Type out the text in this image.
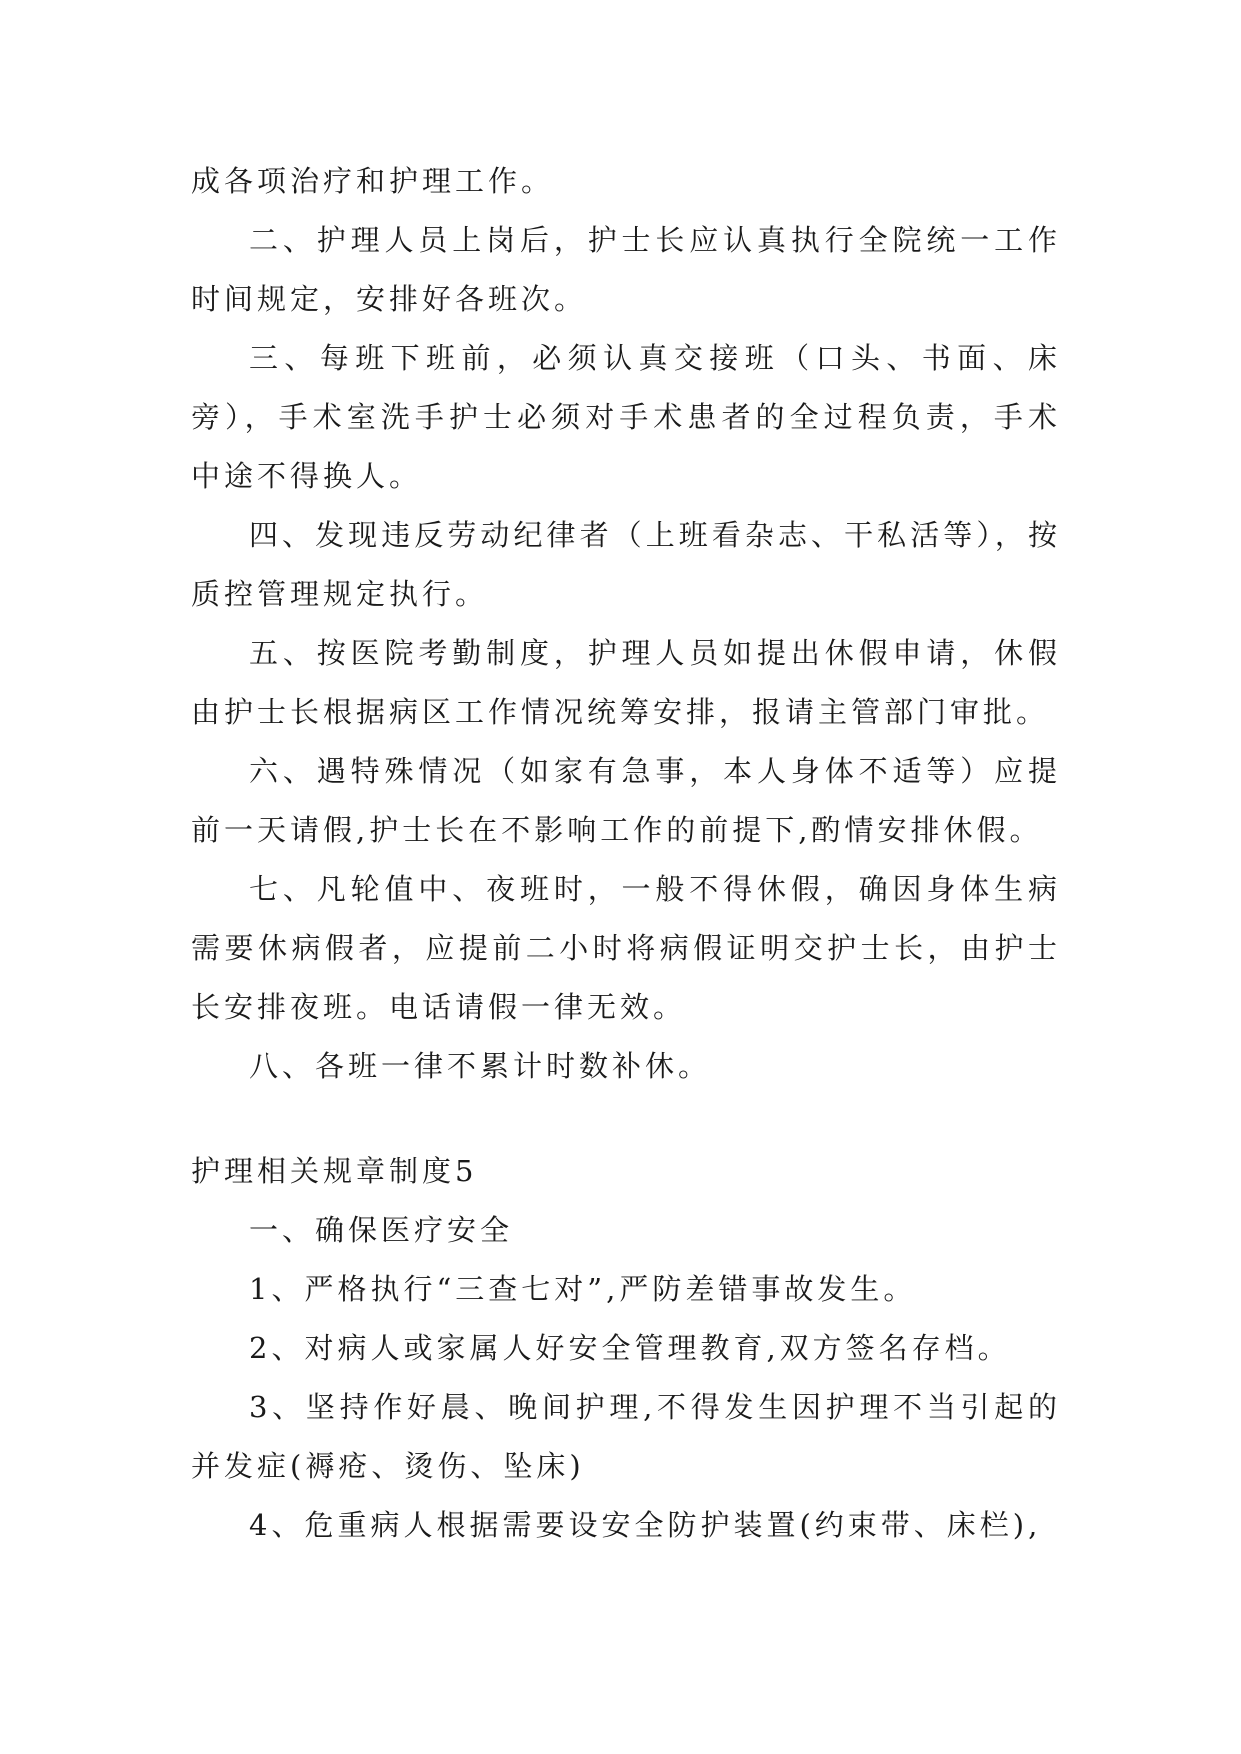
成各项治疗和护理工作。

二、护理人员上岗后，护士长应认真执行全院统一工作时间规定，安排好各班次。

三、每班下班前，必须认真交接班（口头、书面、床旁），手术室洗手护士必须对手术患者的全过程负责，手术中途不得换人。

四、发现违反劳动纪律者（上班看杂志、干私活等），按质控管理规定执行。

五、按医院考勤制度，护理人员如提出休假申请，休假由护士长根据病区工作情况统筹安排，报请主管部门审批。

六、遇特殊情况（如家有急事，本人身体不适等）应提前一天请假,护士长在不影响工作的前提下,酌情安排休假。

七、凡轮值中、夜班时，一般不得休假，确因身体生病需要休病假者，应提前二小时将病假证明交护士长，由护士长安排夜班。电话请假一律无效。

八、各班一律不累计时数补休。

护理相关规章制度5

一、确保医疗安全

1、严格执行“三查七对”,严防差错事故发生。

2、对病人或家属人好安全管理教育,双方签名存档。

3、坚持作好晨、晚间护理,不得发生因护理不当引起的并发症(褥疮、烫伤、坠床)

4、危重病人根据需要设安全防护装置(约束带、床栏),
